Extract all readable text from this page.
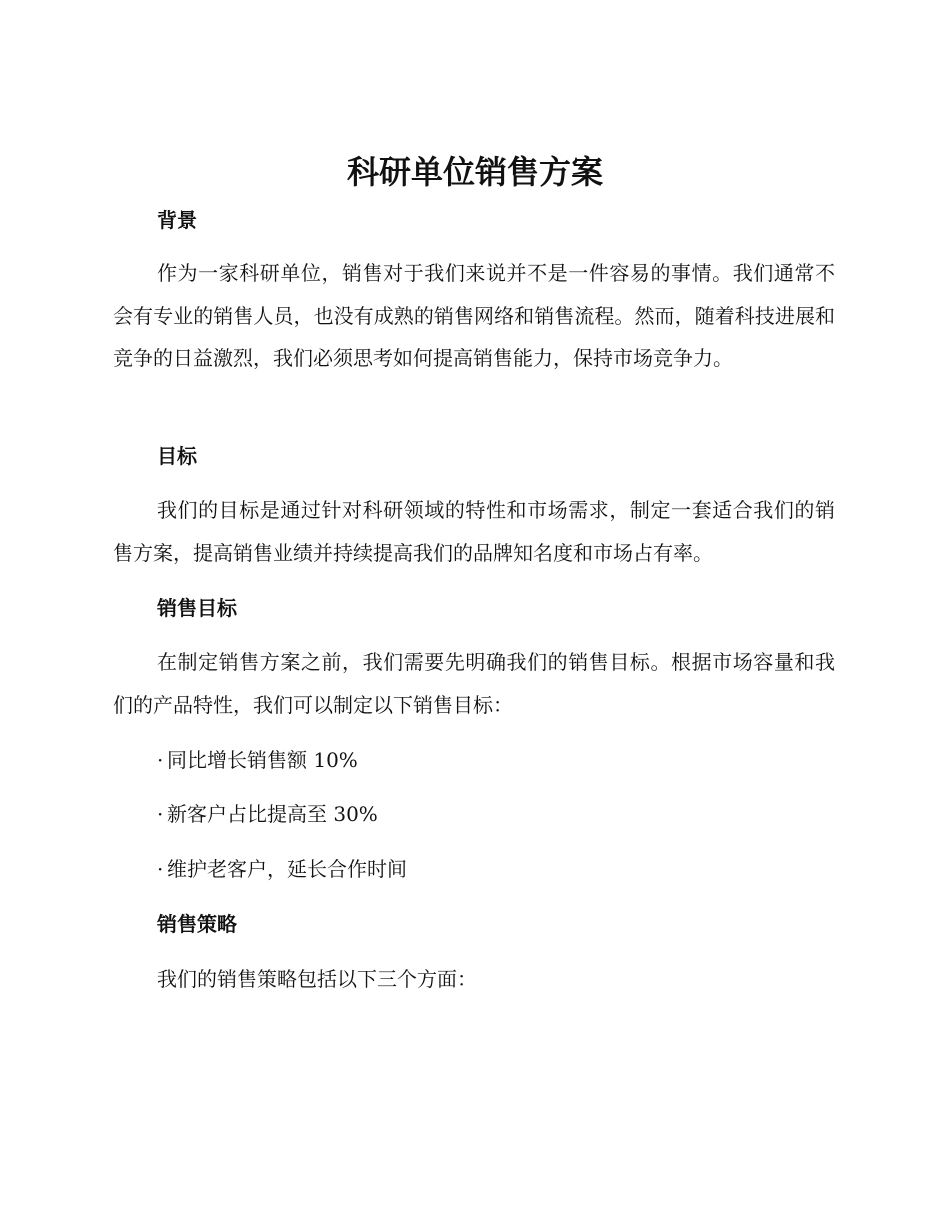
科研单位销售方案
背景

作为一家科研单位，销售对于我们来说并不是一件容易的事情。我们通常不会有专业的销售人员，也没有成熟的销售网络和销售流程。然而，随着科技进展和竞争的日益激烈，我们必须思考如何提高销售能力，保持市场竞争力。

目标

我们的目标是通过针对科研领域的特性和市场需求，制定一套适合我们的销售方案，提高销售业绩并持续提高我们的品牌知名度和市场占有率。

销售目标

在制定销售方案之前，我们需要先明确我们的销售目标。根据市场容量和我们的产品特性，我们可以制定以下销售目标：

· 同比增长销售额 10%
· 新客户占比提高至 30%
· 维护老客户，延长合作时间
销售策略

我们的销售策略包括以下三个方面：
